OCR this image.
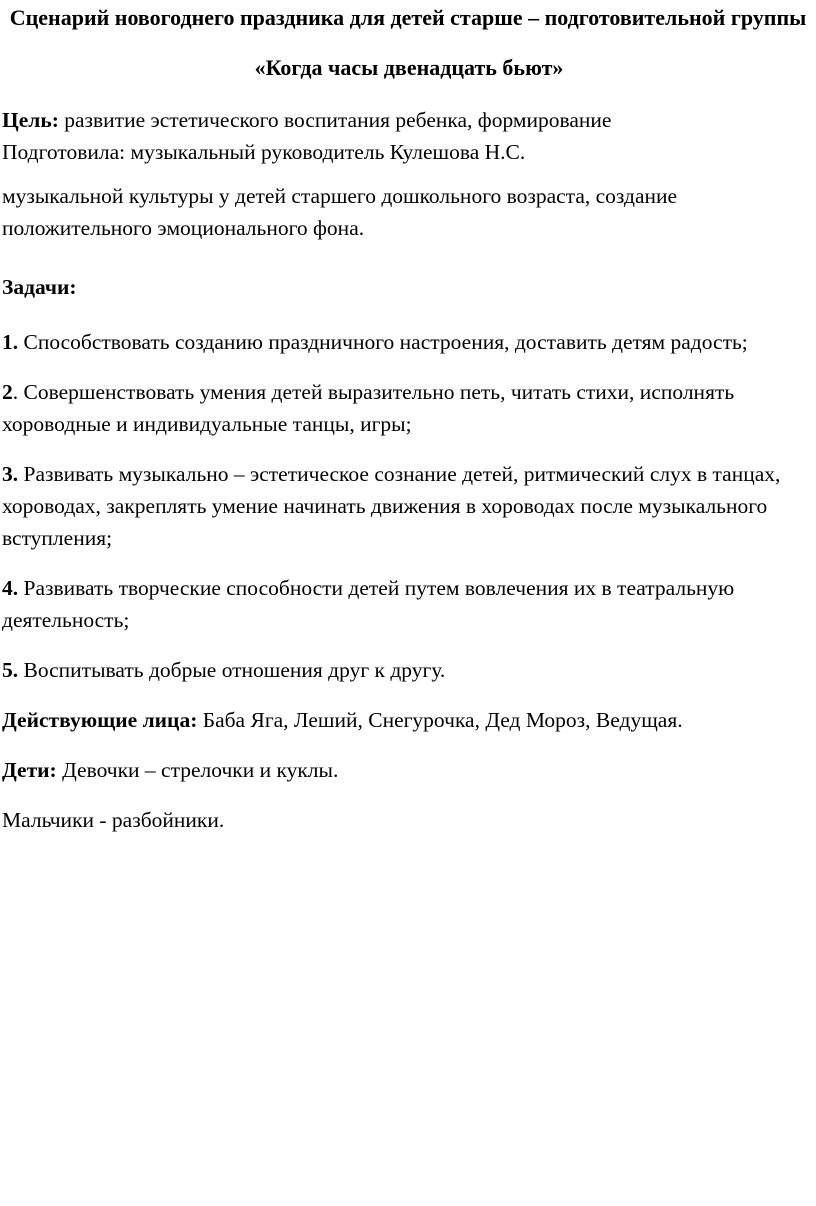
Сценарий новогоднего праздника для детей старше – подготовительной группы
«Когда часы двенадцать бьют»

Цель: развитие эстетического воспитания ребенка, формирование

Подготовила: музыкальный руководитель Кулешова Н.С.

музыкальной культуры у детей старшего дошкольного возраста, создание положительного эмоционального фона.

Задачи:

1. Способствовать созданию праздничного настроения, доставить детям радость;

2. Совершенствовать умения детей выразительно петь, читать стихи, исполнять хороводные и индивидуальные танцы, игры;

3. Развивать музыкально – эстетическое сознание детей, ритмический слух в танцах, хороводах, закреплять умение начинать движения в хороводах после музыкального вступления;

4. Развивать творческие способности детей путем вовлечения их в театральную деятельность;

5. Воспитывать добрые отношения друг к другу.

Действующие лица: Баба Яга, Леший, Снегурочка, Дед Мороз, Ведущая.

Дети: Девочки – стрелочки и куклы.

Мальчики - разбойники.
